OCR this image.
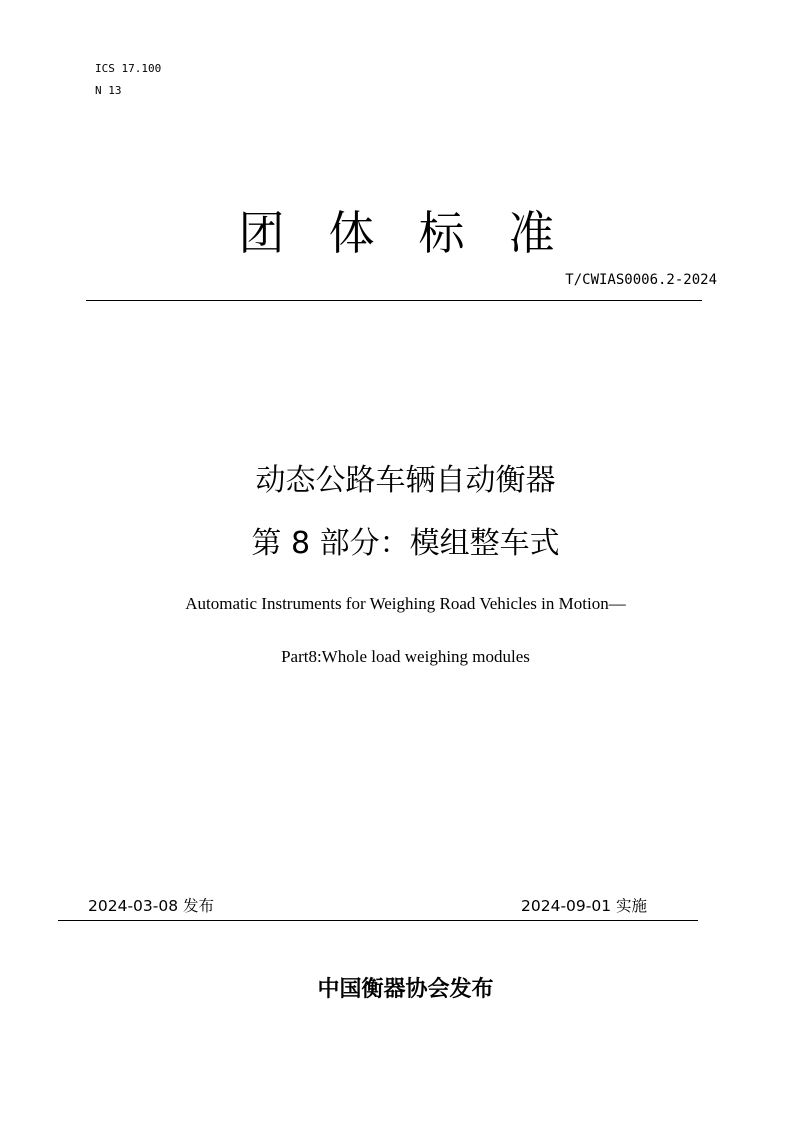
ICS 17.100
N 13
团体标准
T/CWIAS0006.2-2024
动态公路车辆自动衡器
第 8 部分：模组整车式
Automatic Instruments for Weighing Road Vehicles in Motion—
Part8:Whole load weighing modules
2024-03-08 发布	2024-09-01 实施
中国衡器协会发布
